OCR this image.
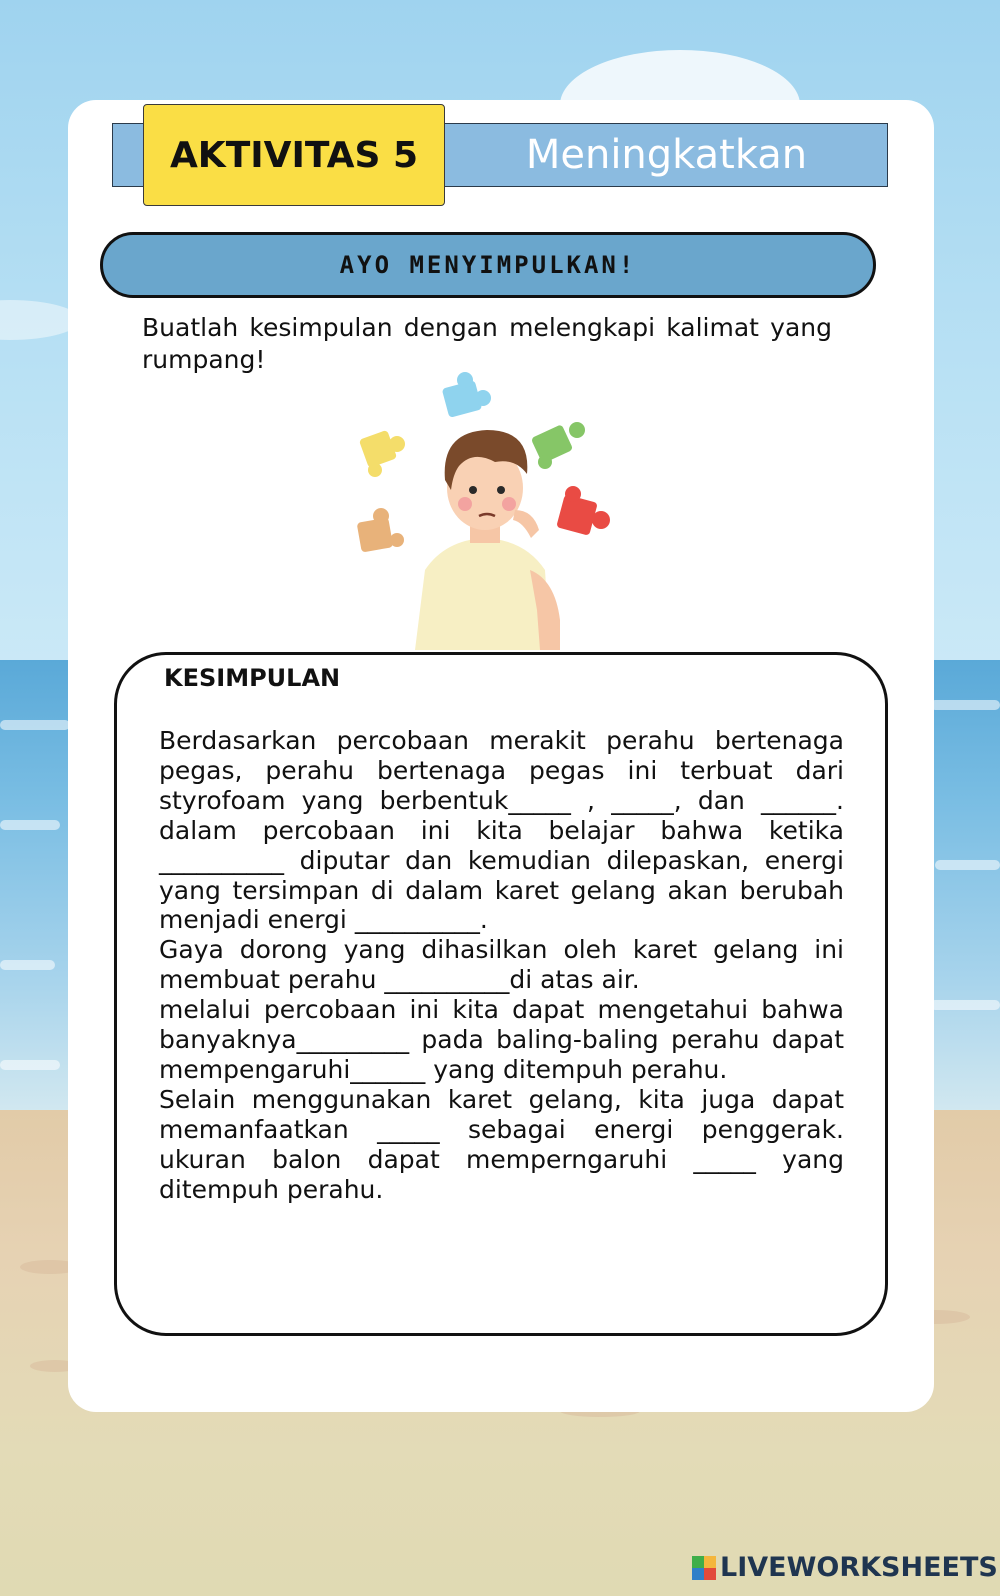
Meningkatkan
AKTIVITAS 5
AYO MENYIMPULKAN!
Buatlah kesimpulan dengan melengkapi kalimat yang rumpang!
KESIMPULAN

Berdasarkan percobaan merakit perahu bertenaga pegas, perahu bertenaga pegas ini terbuat dari styrofoam yang berbentuk_____ , _____, dan ______. dalam percobaan ini kita belajar bahwa ketika __________ diputar dan kemudian dilepaskan, energi yang tersimpan di dalam karet gelang akan berubah menjadi energi __________.

Gaya dorong yang dihasilkan oleh karet gelang ini membuat perahu __________di atas air.

melalui percobaan ini kita dapat mengetahui bahwa banyaknya_________ pada baling-baling perahu dapat mempengaruhi______ yang ditempuh perahu.

Selain menggunakan karet gelang, kita juga dapat memanfaatkan _____ sebagai energi penggerak. ukuran balon dapat memperngaruhi _____ yang ditempuh perahu.

LIVEWORKSHEETS
